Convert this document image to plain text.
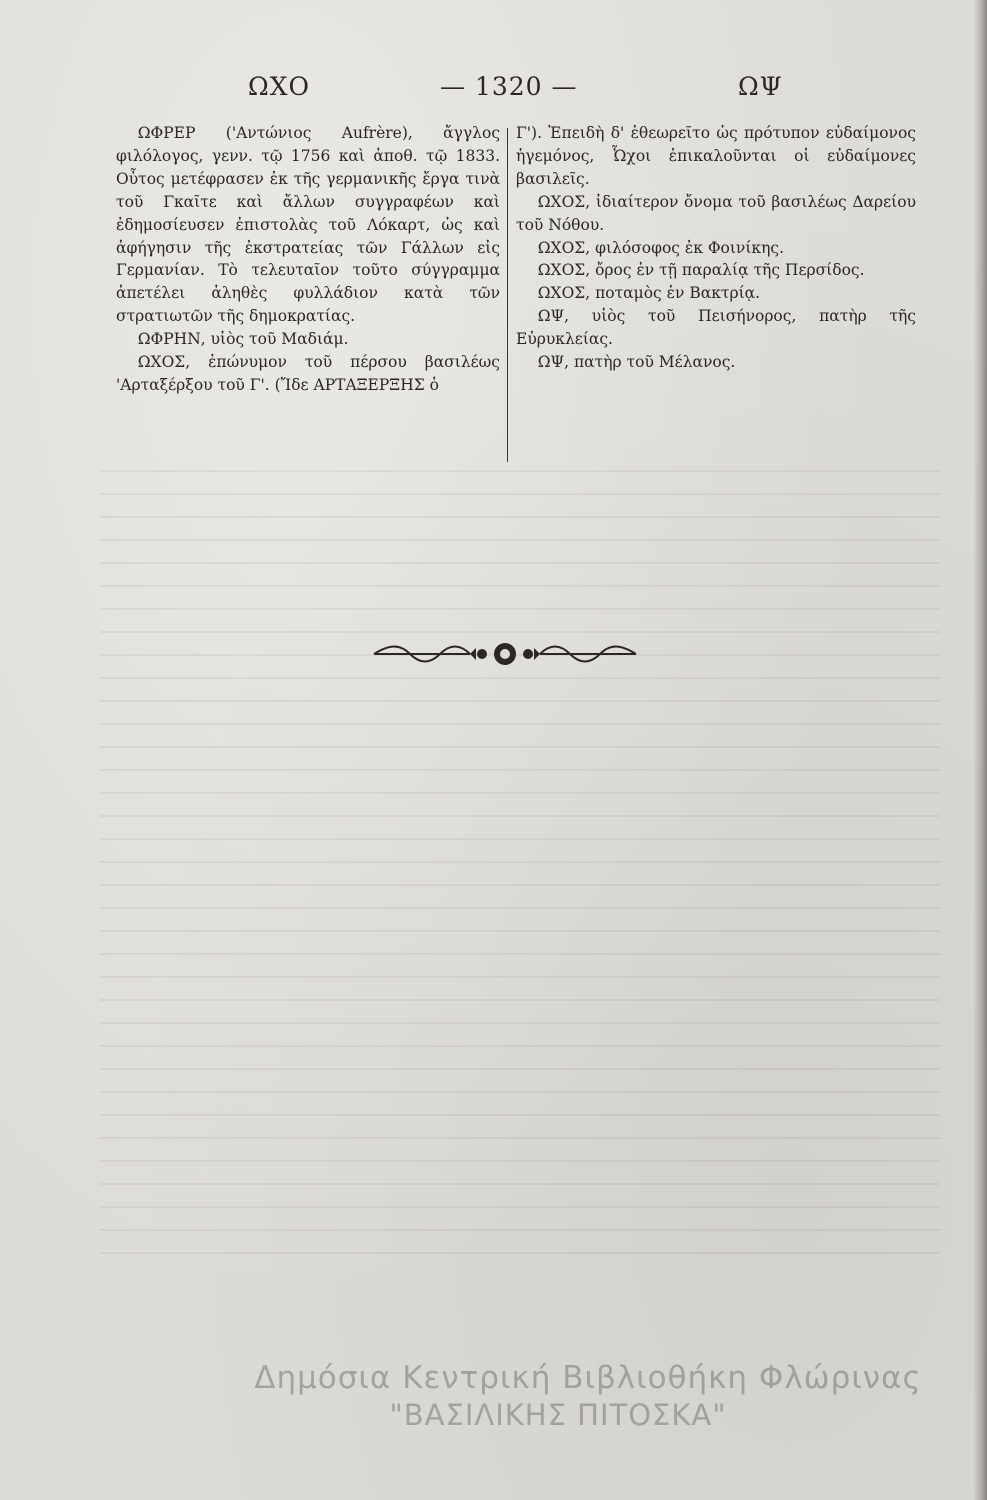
ΩΧΟ	— 1320 —	ΩΨ

ΩΦΡΕΡ ('Αντώνιος Aufrère), ἄγγλος φιλόλογος, γενν. τῷ 1756 καὶ ἀποθ. τῷ 1833. Οὗτος μετέφρασεν ἐκ τῆς γερμανικῆς ἔργα τινὰ τοῦ Γκαῖτε καὶ ἄλλων συγγραφέων καὶ ἐδημοσίευσεν ἐπιστολὰς τοῦ Λόκαρτ, ὡς καὶ ἀφήγησιν τῆς ἐκστρατείας τῶν Γάλλων εἰς Γερμανίαν. Τὸ τελευταῖον τοῦτο σύγγραμμα ἀπετέλει ἀληθὲς φυλλάδιον κατὰ τῶν στρατιωτῶν τῆς δημοκρατίας.

ΩΦΡΗΝ, υἱὸς τοῦ Μαδιάμ.

ΩΧΟΣ, ἐπώνυμον τοῦ πέρσου βασιλέως 'Αρταξέρξου τοῦ Γ'. (Ἴδε ΑΡΤΑΞΕΡΞΗΣ ὁ

Γ'). Ἐπειδὴ δ' ἐθεωρεῖτο ὡς πρότυπον εὐδαίμονος ἡγεμόνος, Ὦχοι ἐπικαλοῦνται οἱ εὐδαίμονες βασιλεῖς.

ΩΧΟΣ, ἰδιαίτερον ὄνομα τοῦ βασιλέως Δαρείου τοῦ Νόθου.

ΩΧΟΣ, φιλόσοφος ἐκ Φοινίκης.

ΩΧΟΣ, ὄρος ἐν τῇ παραλίᾳ τῆς Περσίδος.

ΩΧΟΣ, ποταμὸς ἐν Βακτρίᾳ.

ΩΨ, υἱὸς τοῦ Πεισήνορος, πατὴρ τῆς Εὐρυκλείας.

ΩΨ, πατὴρ τοῦ Μέλανος.

Δημόσια Κεντρική Βιβλιοθήκη Φλώρινας
"ΒΑΣΙΛΙΚΗΣ ΠΙΤΟΣΚΑ"
